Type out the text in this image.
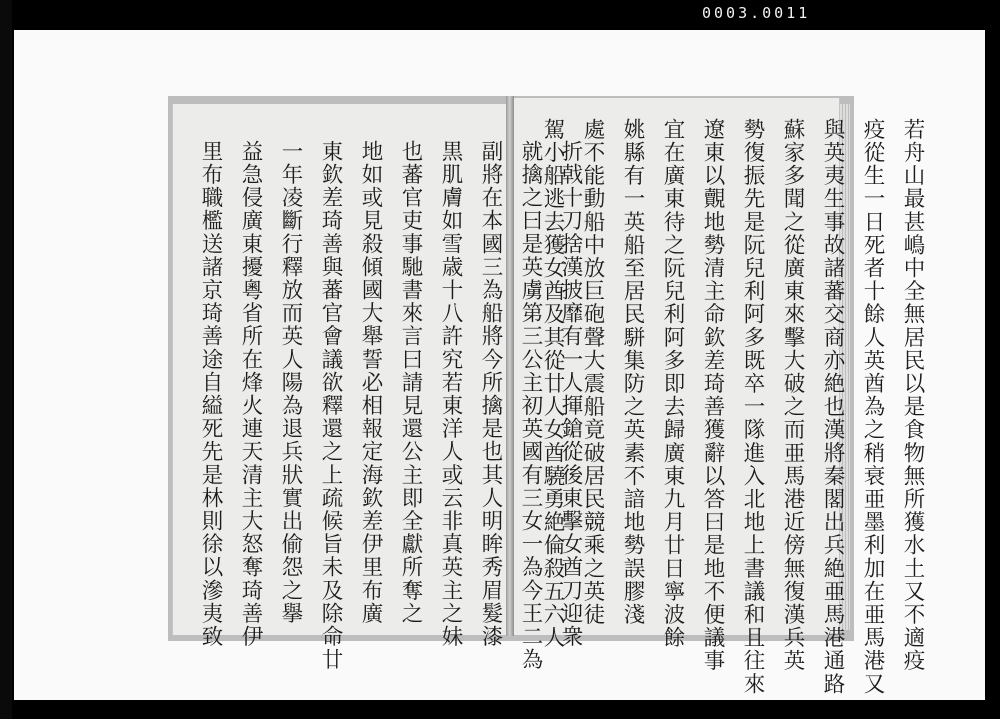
0003.0011
若舟山最甚嶋中全無居民以是食物無所獲水土又不適疫
疫從生一日死者十餘人英酋為之稍衰亜墨利加在亜馬港又
與英夷生事故諸蕃交商亦絶也漢將秦閣出兵絶亜馬港通路
蘇家多聞之從廣東來擊大破之而亜馬港近傍無復漢兵英
勢復振先是阮兒利阿多既卒一隊進入北地上書議和且往來
遼東以覿地勢清主命欽差琦善獲辭以答曰是地不便議事
宜在廣東待之阮兒利阿多即去歸廣東九月廿日寧波餘
姚縣有一英船至居民駢集防之英素不諳地勢誤膠淺
處不能動船中放巨砲聲大震船竟破居民競乘之英徒
駕小船逃去獲女酋及其從廿人女酋驍勇絶倫殺五六人
折戟十刀捨漢披靡有一人揮鎗從後東擊女酋刀迎衆
就擒之曰是英虜第三公主初英國有三女一為今王二為
副將在本國三為船將今所擒是也其人明眸秀眉髮漆
黒肌膚如雪歳十八許究若東洋人或云非真英主之妹
也蕃官吏事馳書來言曰請見還公主即全獻所奪之
地如或見殺傾國大舉誓必相報定海欽差伊里布廣
東欽差琦善與蕃官會議欲釋還之上疏候旨未及除命廿
一年凌斷行釋放而英人陽為退兵狀實出偷怨之擧
益急侵廣東擾粵省所在烽火連天清主大怒奪琦善伊
里布職檻送諸京琦善途自縊死先是林則徐以滲夷致
